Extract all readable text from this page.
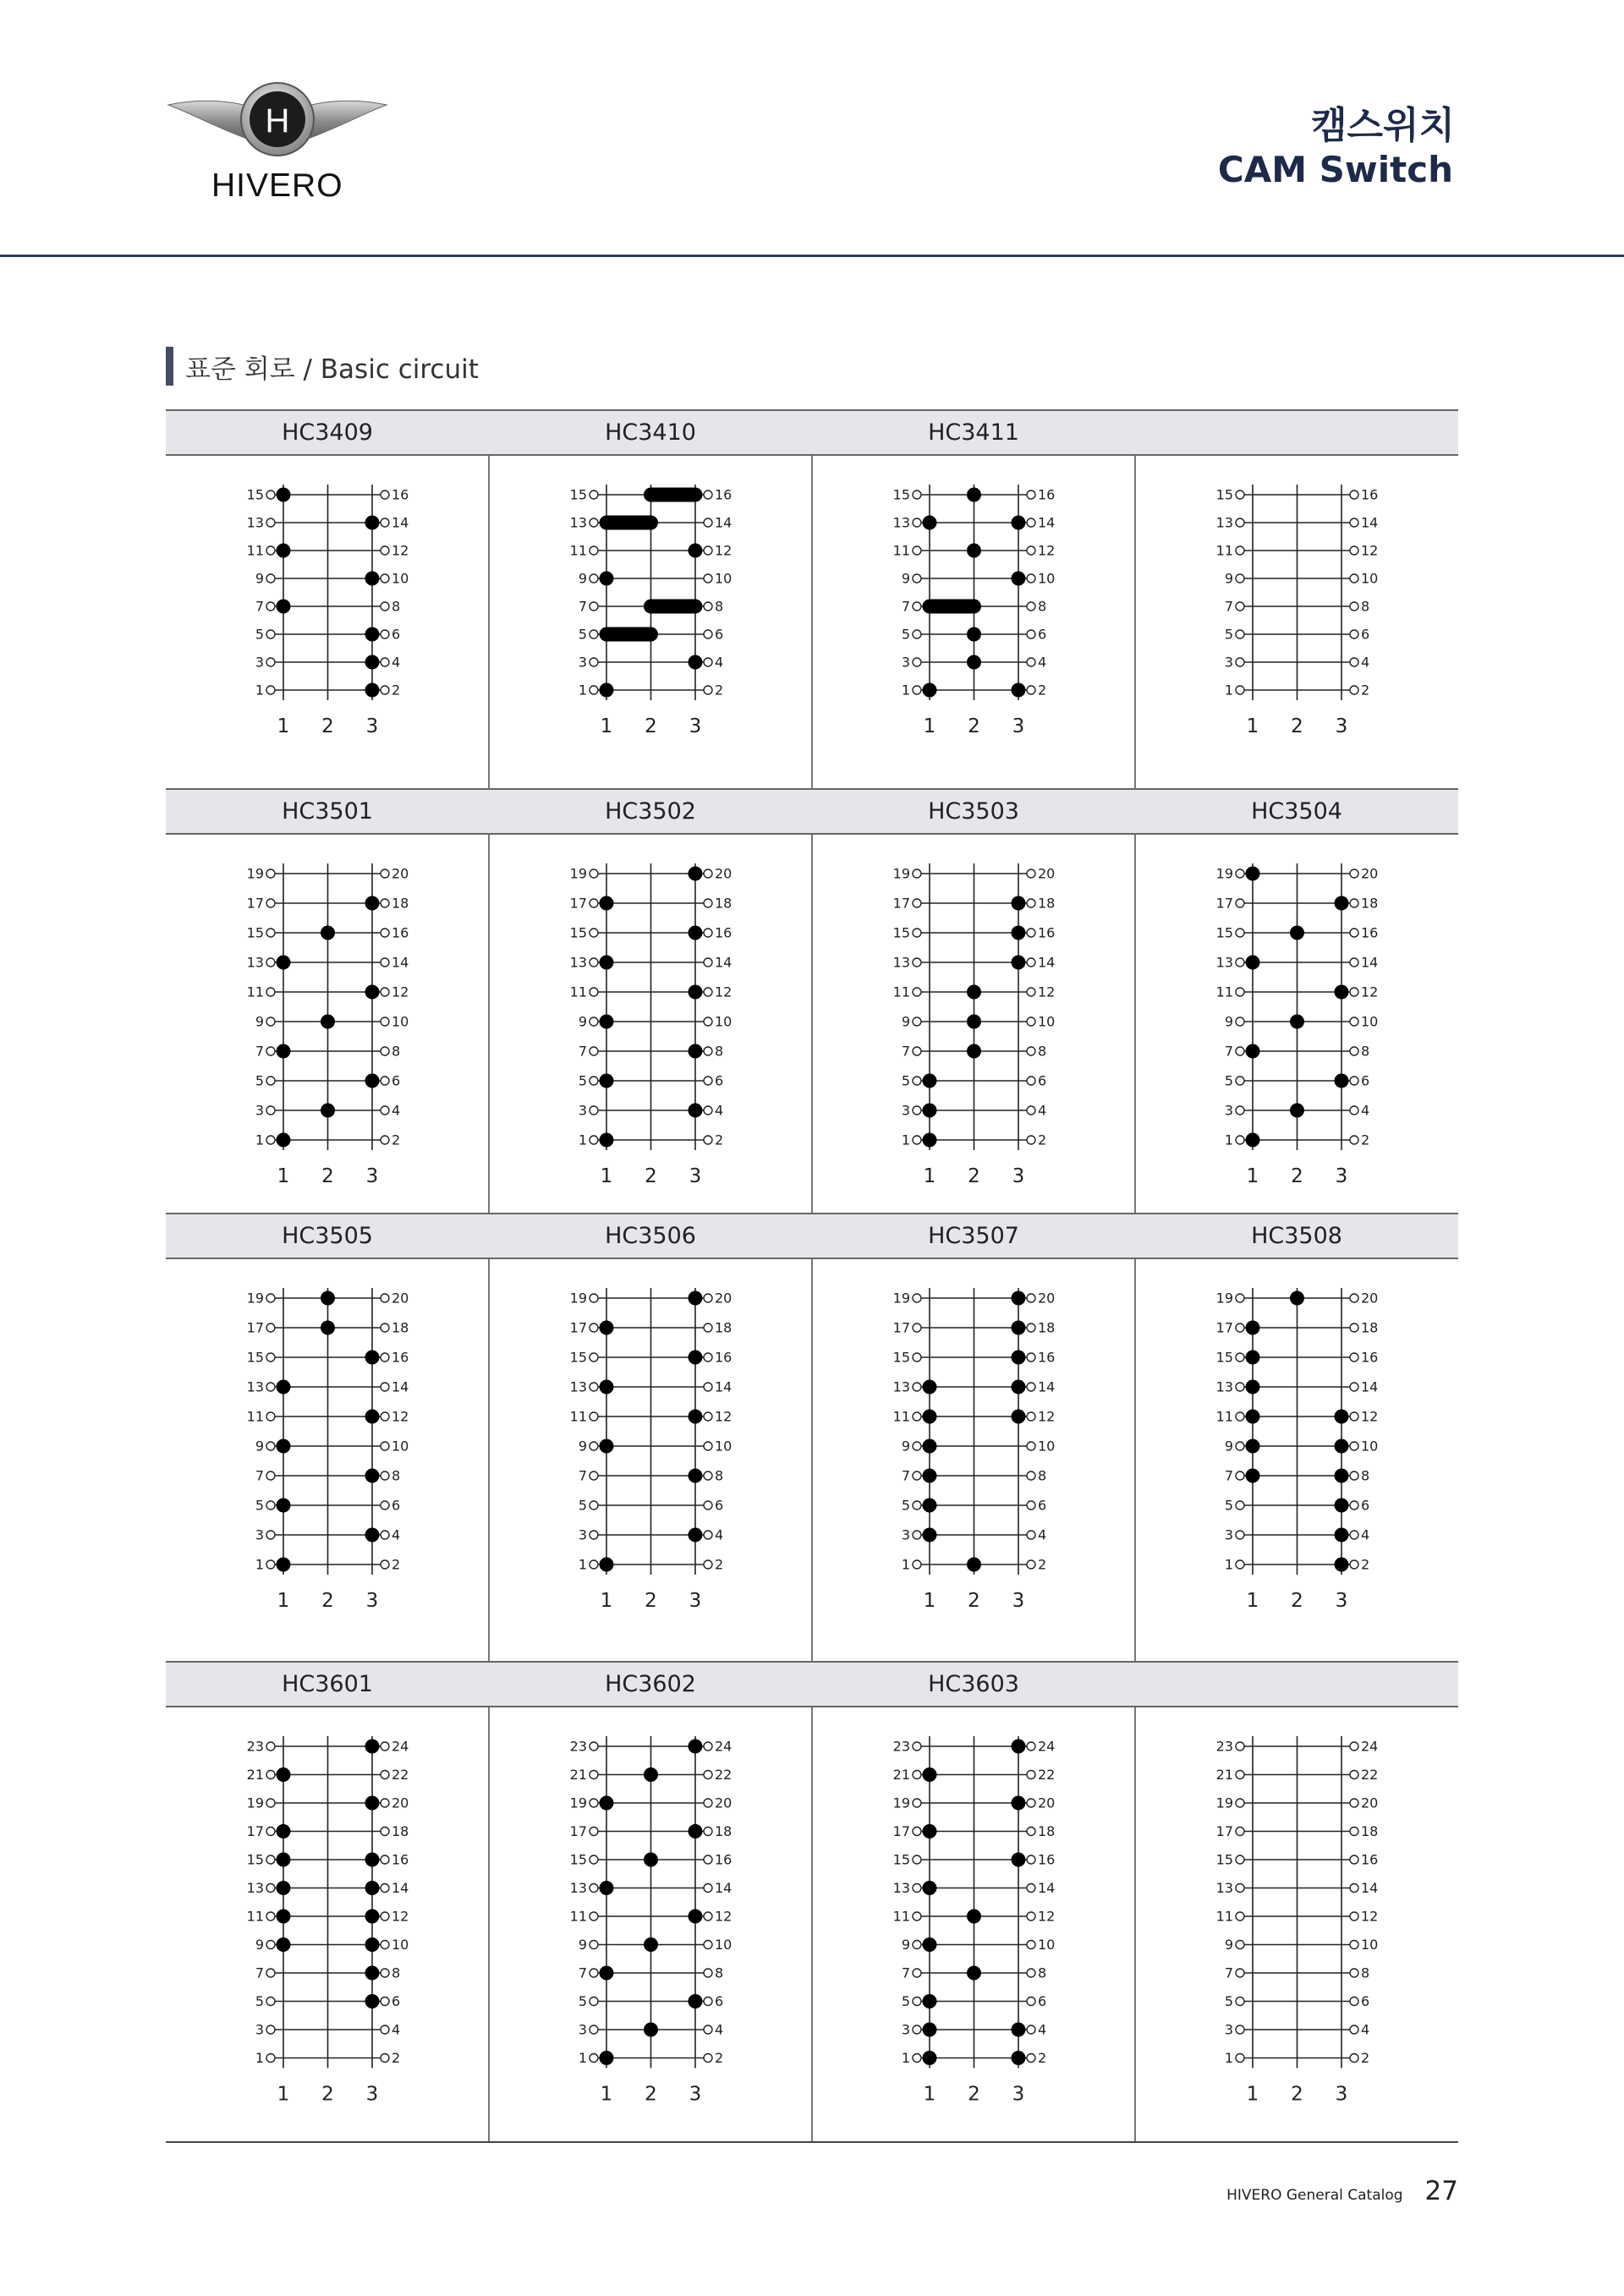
H
HIVERO
캠스위치
CAM Switch
표준 회로 / Basic circuit
HC3409
15	16
13	14
11	12
9	10
7	8
5	6
3	4
1	2
1 2 3
HC3410
15	16
13	14
11	12
9	10
7	8
5	6
3	4
1	2
1 2 3
HC3411
15	16
13	14
11	12
9	10
7	8
5	6
3	4
1	2
1 2 3
15	16
13	14
11	12
9	10
7	8
5	6
3	4
1	2
1 2 3
HC3501
19	20
17	18
15	16
13	14
11	12
9	10
7	8
5	6
3	4
1	2
1 2 3
HC3502
19	20
17	18
15	16
13	14
11	12
9	10
7	8
5	6
3	4
1	2
1 2 3
HC3503
19	20
17	18
15	16
13	14
11	12
9	10
7	8
5	6
3	4
1	2
1 2 3
HC3504
19	20
17	18
15	16
13	14
11	12
9	10
7	8
5	6
3	4
1	2
1 2 3
HC3505
19	20
17	18
15	16
13	14
11	12
9	10
7	8
5	6
3	4
1	2
1 2 3
HC3506
19	20
17	18
15	16
13	14
11	12
9	10
7	8
5	6
3	4
1	2
1 2 3
HC3507
19	20
17	18
15	16
13	14
11	12
9	10
7	8
5	6
3	4
1	2
1 2 3
HC3508
19	20
17	18
15	16
13	14
11	12
9	10
7	8
5	6
3	4
1	2
1 2 3
HC3601
23	24
21	22
19	20
17	18
15	16
13	14
11	12
9	10
7	8
5	6
3	4
1	2
1 2 3
HC3602
23	24
21	22
19	20
17	18
15	16
13	14
11	12
9	10
7	8
5	6
3	4
1	2
1 2 3
HC3603
23	24
21	22
19	20
17	18
15	16
13	14
11	12
9	10
7	8
5	6
3	4
1	2
1 2 3
23	24
21	22
19	20
17	18
15	16
13	14
11	12
9	10
7	8
5	6
3	4
1	2
1 2 3
HIVERO General Catalog 27
